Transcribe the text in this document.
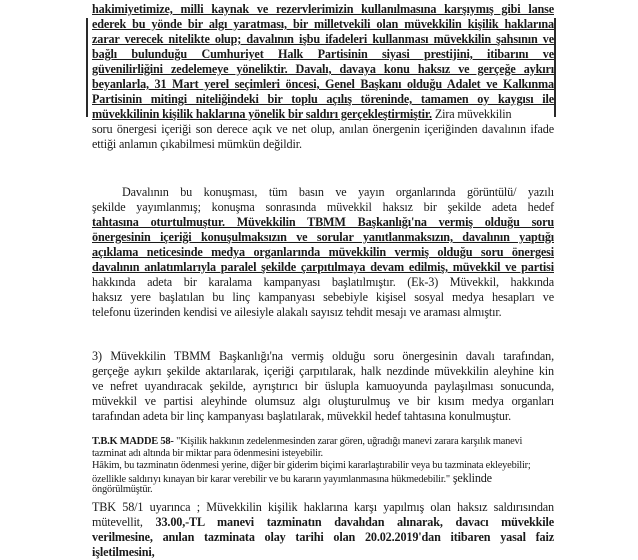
hakimiyetimize, milli kaynak ve rezervlerimizin kullanılmasına karşıymış gibi lanse
ederek bu yönde bir algı yaratması, bir milletvekili olan müvekkilin kişilik haklarına
zarar verecek nitelikte olup; davalının işbu ifadeleri kullanması müvekkilin şahsının ve
bağlı bulunduğu Cumhuriyet Halk Partisinin siyasi prestijini, itibarını ve
güvenilirliğini zedelemeye yöneliktir. Davalı, davaya konu haksız ve gerçeğe aykırı
beyanlarla, 31 Mart yerel seçimleri öncesi, Genel Başkanı olduğu Adalet ve Kalkınma
Partisinin mitingi niteliğindeki bir toplu açılış töreninde, tamamen oy kaygısı ile
müvekkilinin kişilik haklarına yönelik bir saldırı gerçekleştirmiştir. Zira müvekkilin
soru önergesi içeriği son derece açık ve net olup, anılan önergenin içeriğinden davalının ifade
ettiği anlamın çıkabilmesi mümkün değildir.
Davalının bu konuşması, tüm basın ve yayın organlarında görüntülü/ yazılı
şekilde yayımlanmış; konuşma sonrasında müvekkil haksız bir şekilde adeta hedef
tahtasına oturtulmuştur. Müvekkilin TBMM Başkanlığı'na vermiş olduğu soru
önergesinin içeriği konuşulmaksızın ve sorular yanıtlanmaksızın, davalının yaptığı
açıklama neticesinde medya organlarında müvekkilin vermiş olduğu soru önergesi
davalının anlatımlarıyla paralel şekilde çarpıtılmaya devam edilmiş, müvekkil ve partisi
hakkında adeta bir karalama kampanyası başlatılmıştır. (Ek-3) Müvekkil, hakkında
haksız yere başlatılan bu linç kampanyası sebebiyle kişisel sosyal medya hesapları ve
telefonu üzerinden kendisi ve ailesiyle alakalı sayısız tehdit mesajı ve araması almıştır.
3) Müvekkilin TBMM Başkanlığı'na vermiş olduğu soru önergesinin davalı tarafından,
gerçeğe aykırı şekilde aktarılarak, içeriği çarpıtılarak, halk nezdinde müvekkilin aleyhine kin
ve nefret uyandıracak şekilde, ayrıştırıcı bir üslupla kamuoyunda paylaşılması sonucunda,
müvekkil ve partisi aleyhinde olumsuz algı oluşturulmuş ve bir kısım medya organları
tarafından adeta bir linç kampanyası başlatılarak, müvekkil hedef tahtasına konulmuştur.
T.B.K MADDE 58- "Kişilik hakkının zedelenmesinden zarar gören, uğradığı manevi zarara karşılık manevi
tazminat adı altında bir miktar para ödenmesini isteyebilir.
Hâkim, bu tazminatın ödenmesi yerine, diğer bir giderim biçimi kararlaştırabilir veya bu tazminata ekleyebilir;
özellikle saldırıyı kınayan bir karar verebilir ve bu kararın yayımlanmasına hükmedebilir." şeklinde
öngörülmüştür.
TBK 58/1 uyarınca ; Müvekkilin kişilik haklarına karşı yapılmış olan haksız saldırısından
mütevellit, 33.00,-TL manevi tazminatın davalıdan alınarak, davacı müvekkile
verilmesine, anılan tazminata olay tarihi olan 20.02.2019'dan itibaren yasal faiz
işletilmesini,
